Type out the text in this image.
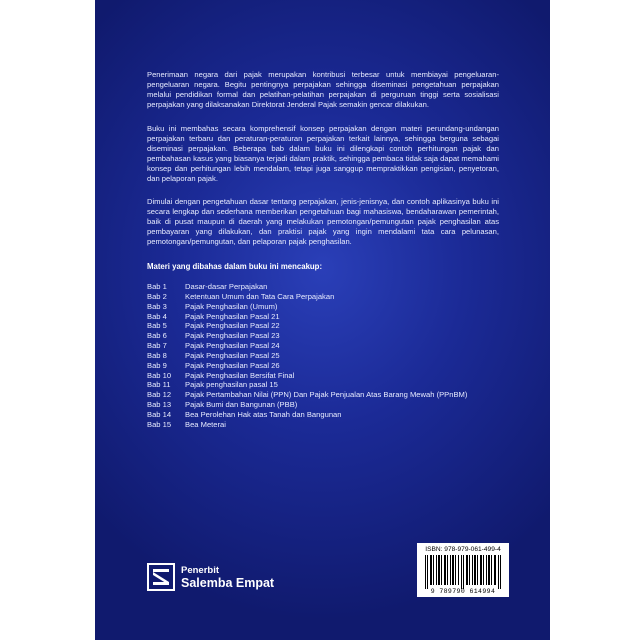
Penerimaan negara dari pajak merupakan kontribusi terbesar untuk membiayai pengeluaran-pengeluaran negara. Begitu pentingnya perpajakan sehingga diseminasi pengetahuan perpajakan melalui pendidikan formal dan pelatihan-pelatihan perpajakan di perguruan tinggi serta sosialisasi perpajakan yang dilaksanakan Direktorat Jenderal Pajak semakin gencar dilakukan.

Buku ini membahas secara komprehensif konsep perpajakan dengan materi perundang-undangan perpajakan terbaru dan peraturan-peraturan perpajakan terkait lainnya, sehingga berguna sebagai diseminasi perpajakan. Beberapa bab dalam buku ini dilengkapi contoh perhitungan pajak dan pembahasan kasus yang biasanya terjadi dalam praktik, sehingga pembaca tidak saja dapat memahami konsep dan perhitungan lebih mendalam, tetapi juga sanggup mempraktikkan pengisian, penyetoran, dan pelaporan pajak.

Dimulai dengan pengetahuan dasar tentang perpajakan, jenis-jenisnya, dan contoh aplikasinya buku ini secara lengkap dan sederhana memberikan pengetahuan bagi mahasiswa, bendaharawan pemerintah, baik di pusat maupun di daerah yang melakukan pemotongan/pemungutan pajak penghasilan atas pembayaran yang dilakukan, dan praktisi pajak yang ingin mendalami tata cara pelunasan, pemotongan/pemungutan, dan pelaporan pajak penghasilan.

Materi yang dibahas dalam buku ini mencakup:

Bab 1	Dasar-dasar Perpajakan
Bab 2	Ketentuan Umum dan Tata Cara Perpajakan
Bab 3	Pajak Penghasilan (Umum)
Bab 4	Pajak Penghasilan Pasal 21
Bab 5	Pajak Penghasilan Pasal 22
Bab 6	Pajak Penghasilan Pasal 23
Bab 7	Pajak Penghasilan Pasal 24
Bab 8	Pajak Penghasilan Pasal 25
Bab 9	Pajak Penghasilan Pasal 26
Bab 10	Pajak Penghasilan Bersifat Final
Bab 11	Pajak penghasilan pasal 15
Bab 12	Pajak Pertambahan Nilai (PPN) Dan Pajak Penjualan Atas Barang Mewah (PPnBM)
Bab 13	Pajak Bumi dan Bangunan (PBB)
Bab 14	Bea Perolehan Hak atas Tanah dan Bangunan
Bab 15	Bea Meterai
Penerbit
Salemba Empat
ISBN: 978-979-061-499-4
9 789790 614994
